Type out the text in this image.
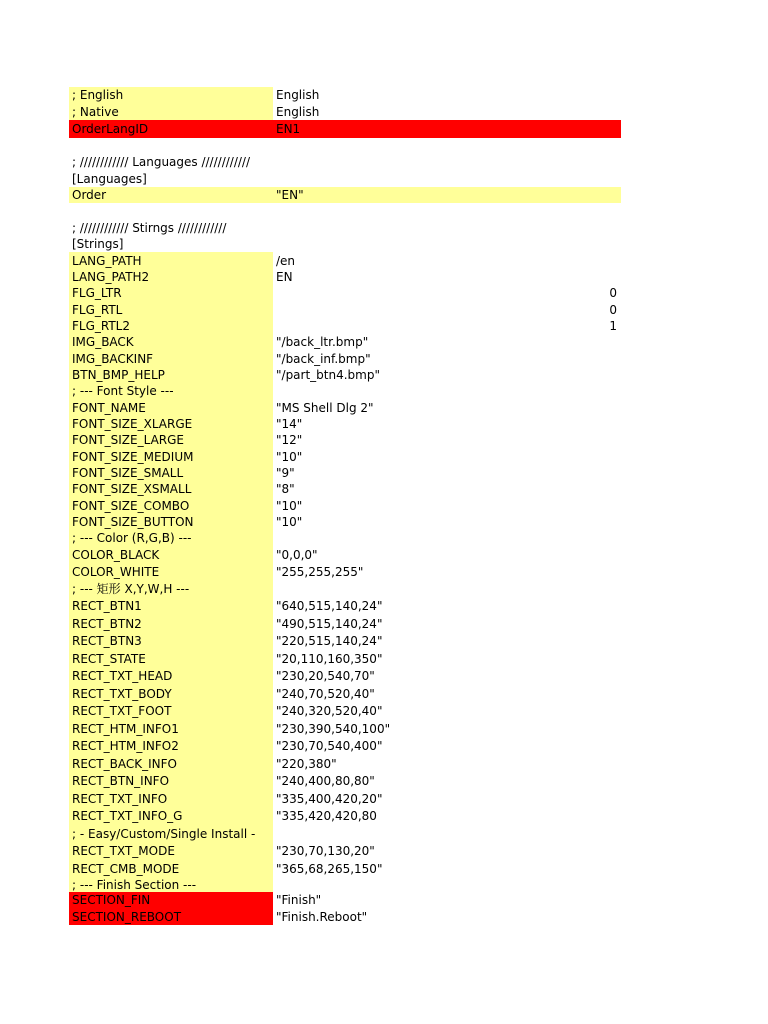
; English	English
; Native	English
OrderLangID	EN1
; //////////// Languages ////////////
[Languages]
Order	"EN"
; //////////// Stirngs ////////////
[Strings]
LANG_PATH	/en
LANG_PATH2	EN
FLG_LTR	0
FLG_RTL	0
FLG_RTL2	1
IMG_BACK	"/back_ltr.bmp"
IMG_BACKINF	"/back_inf.bmp"
BTN_BMP_HELP	"/part_btn4.bmp"
; --- Font Style ---
FONT_NAME	"MS Shell Dlg 2"
FONT_SIZE_XLARGE	"14"
FONT_SIZE_LARGE	"12"
FONT_SIZE_MEDIUM	"10"
FONT_SIZE_SMALL	"9"
FONT_SIZE_XSMALL	"8"
FONT_SIZE_COMBO	"10"
FONT_SIZE_BUTTON	"10"
; --- Color (R,G,B) ---
COLOR_BLACK	"0,0,0"
COLOR_WHITE	"255,255,255"
; --- 矩形 X,Y,W,H ---
RECT_BTN1	"640,515,140,24"
RECT_BTN2	"490,515,140,24"
RECT_BTN3	"220,515,140,24"
RECT_STATE	"20,110,160,350"
RECT_TXT_HEAD	"230,20,540,70"
RECT_TXT_BODY	"240,70,520,40"
RECT_TXT_FOOT	"240,320,520,40"
RECT_HTM_INFO1	"230,390,540,100"
RECT_HTM_INFO2	"230,70,540,400"
RECT_BACK_INFO	"220,380"
RECT_BTN_INFO	"240,400,80,80"
RECT_TXT_INFO	"335,400,420,20"
RECT_TXT_INFO_G	"335,420,420,80
; - Easy/Custom/Single Install -
RECT_TXT_MODE	"230,70,130,20"
RECT_CMB_MODE	"365,68,265,150"
; --- Finish Section ---
SECTION_FIN	"Finish"
SECTION_REBOOT	"Finish.Reboot"
